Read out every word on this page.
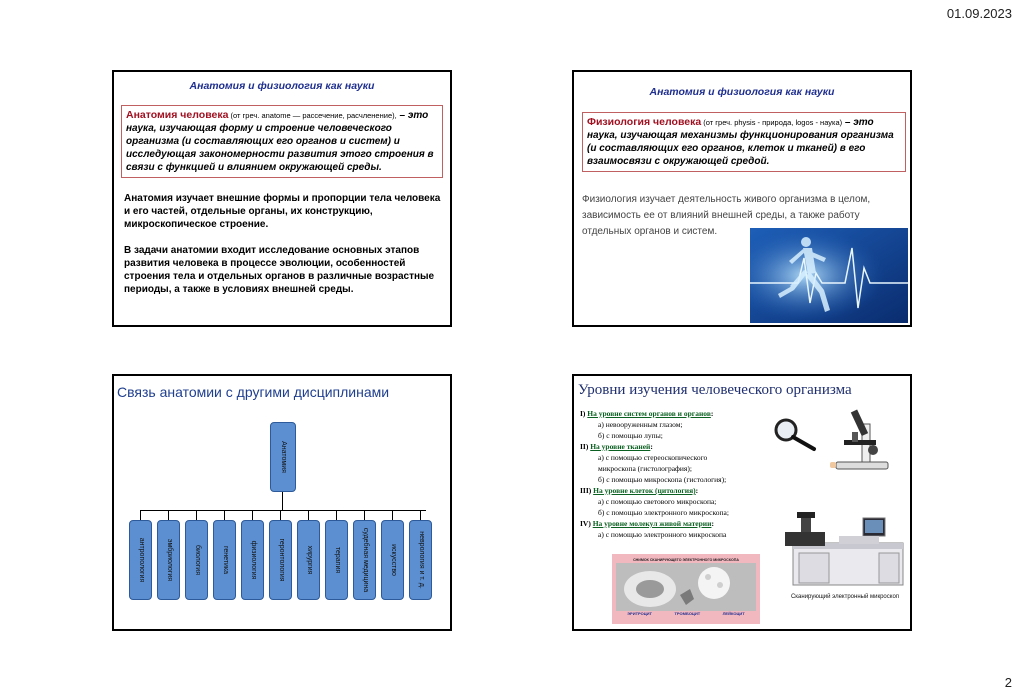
01.09.2023
2
Анатомия и физиология как науки
Анатомия человека (от греч. anatome — рассечение, расчленение), – это наука, изучающая форму и строение человеческого организма (и составляющих его органов и систем) и исследующая закономерности развития этого строения в связи с функцией и влиянием окружающей среды.
Анатомия изучает внешние формы и пропорции тела человека и его частей, отдельные органы, их конструкцию, микроскопическое строение.
В задачи анатомии входит исследование основных этапов развития человека в процессе эволюции, особенностей строения тела и отдельных органов в различные возрастные периоды, а также в условиях внешней среды.
Анатомия и физиология как науки
Физиология человека (от греч. physis - природа, logos - наука) – это наука, изучающая механизмы функционирования организма (и составляющих его органов, клеток и тканей) в его взаимосвязи с окружающей средой.
Физиология изучает деятельность живого организма в целом, зависимость ее от влияний внешней среды, а также работу отдельных органов и систем.
Связь анатомии с другими дисциплинами
Анатомия
антропология	эмбриология	биология	генетика	физиология	геронтология	хирургия	терапия	судебная медицина	искусство	неврология и т. д.
Уровни изучения человеческого организма
I) На уровне систем органов и органов:
а) невооруженным глазом;
б) с помощью лупы;
II) На уровне тканей:
а) с помощью стереоскопического
микроскопа (гистолография);
б) с помощью микроскопа (гистология);
III) На уровне клеток (цитология):
а) с помощью светового микроскопа;
б) с помощью электронного микроскопа;
IV) На уровне молекул живой материи:
а) с помощью электронного микроскопа
СНИМОК СКАНИРУЮЩЕГО ЭЛЕКТРОННОГО МИКРОСКОПА
ЭРИТРОЦИТ	ТРОМБОЦИТ	ЛЕЙКОЦИТ
Сканирующий электронный микроскоп
